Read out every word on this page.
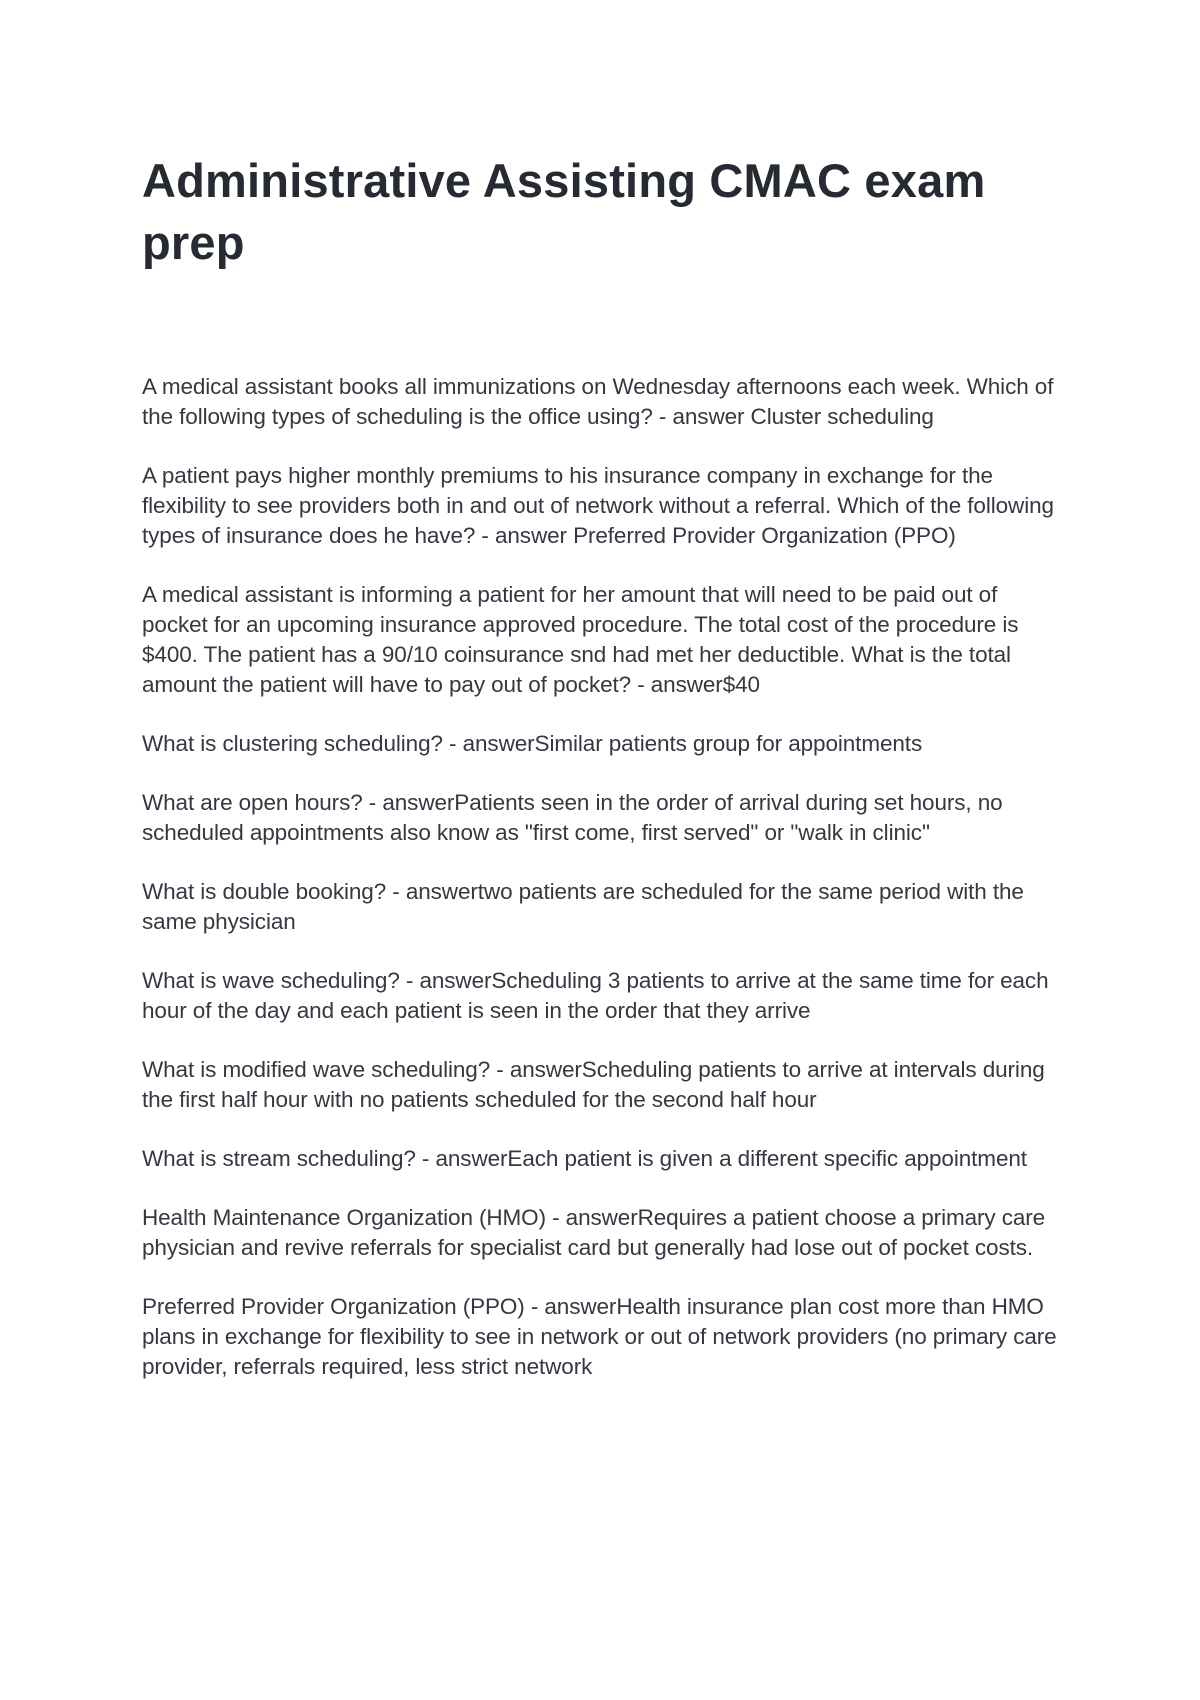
Administrative Assisting CMAC exam prep

A medical assistant books all immunizations on Wednesday afternoons each week. Which of the following types of scheduling is the office using? - answer Cluster scheduling

A patient pays higher monthly premiums to his insurance company in exchange for the flexibility to see providers both in and out of network without a referral. Which of the following types of insurance does he have? - answer Preferred Provider Organization (PPO)

A medical assistant is informing a patient for her amount that will need to be paid out of pocket for an upcoming insurance approved procedure. The total cost of the procedure is $400. The patient has a 90/10 coinsurance snd had met her deductible. What is the total amount the patient will have to pay out of pocket? - answer$40

What is clustering scheduling? - answerSimilar patients group for appointments

What are open hours? - answerPatients seen in the order of arrival during set hours, no scheduled appointments also know as "first come, first served" or "walk in clinic"

What is double booking? - answertwo patients are scheduled for the same period with the same physician

What is wave scheduling? - answerScheduling 3 patients to arrive at the same time for each hour of the day and each patient is seen in the order that they arrive

What is modified wave scheduling? - answerScheduling patients to arrive at intervals during the first half hour with no patients scheduled for the second half hour

What is stream scheduling? - answerEach patient is given a different specific appointment

Health Maintenance Organization (HMO) - answerRequires a patient choose a primary care physician and revive referrals for specialist card but generally had lose out of pocket costs.

Preferred Provider Organization (PPO) - answerHealth insurance plan cost more than HMO plans in exchange for flexibility to see in network or out of network providers (no primary care provider, referrals required, less strict network
